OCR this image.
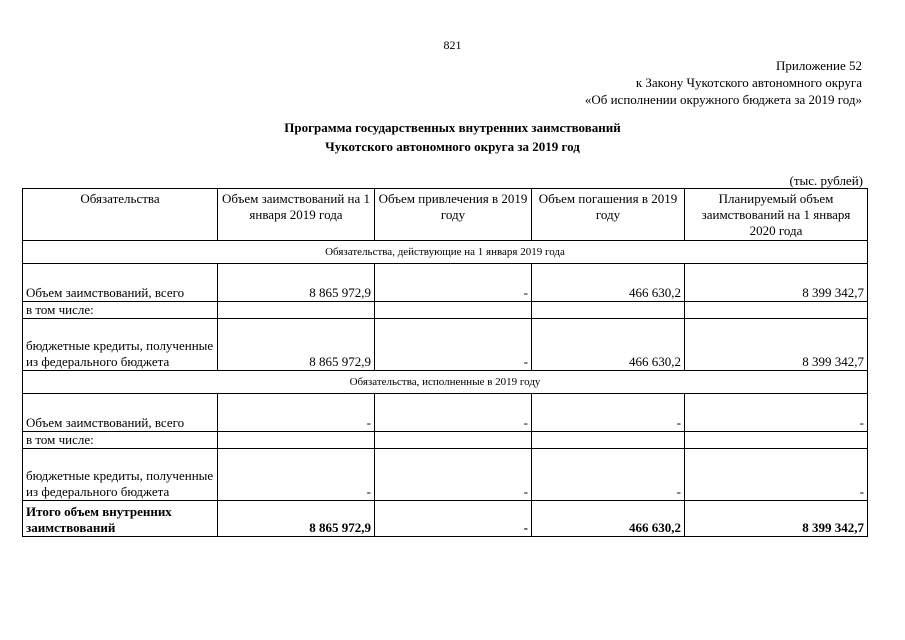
821
Приложение 52
к Закону Чукотского автономного округа
«Об исполнении окружного бюджета за 2019 год»
Программа государственных внутренних заимствований
Чукотского автономного округа за 2019 год
(тыс. рублей)
Обязательства	Объем заимствований на 1 января 2019 года	Объем привлечения в 2019 году	Объем погашения в 2019 году	Планируемый объем заимствований на 1 января 2020 года
Обязательства, действующие на 1 января 2019 года				
Объем заимствований, всего	8 865 972,9	-	466 630,2	8 399 342,7
в том числе:				
бюджетные кредиты, полученные из федерального бюджета	8 865 972,9	-	466 630,2	8 399 342,7
Обязательства, исполненные в 2019 году				
Объем заимствований, всего	-	-	-	-
в том числе:				
бюджетные кредиты, полученные из федерального бюджета	-	-	-	-
Итого объем внутренних заимствований	8 865 972,9	-	466 630,2	8 399 342,7
